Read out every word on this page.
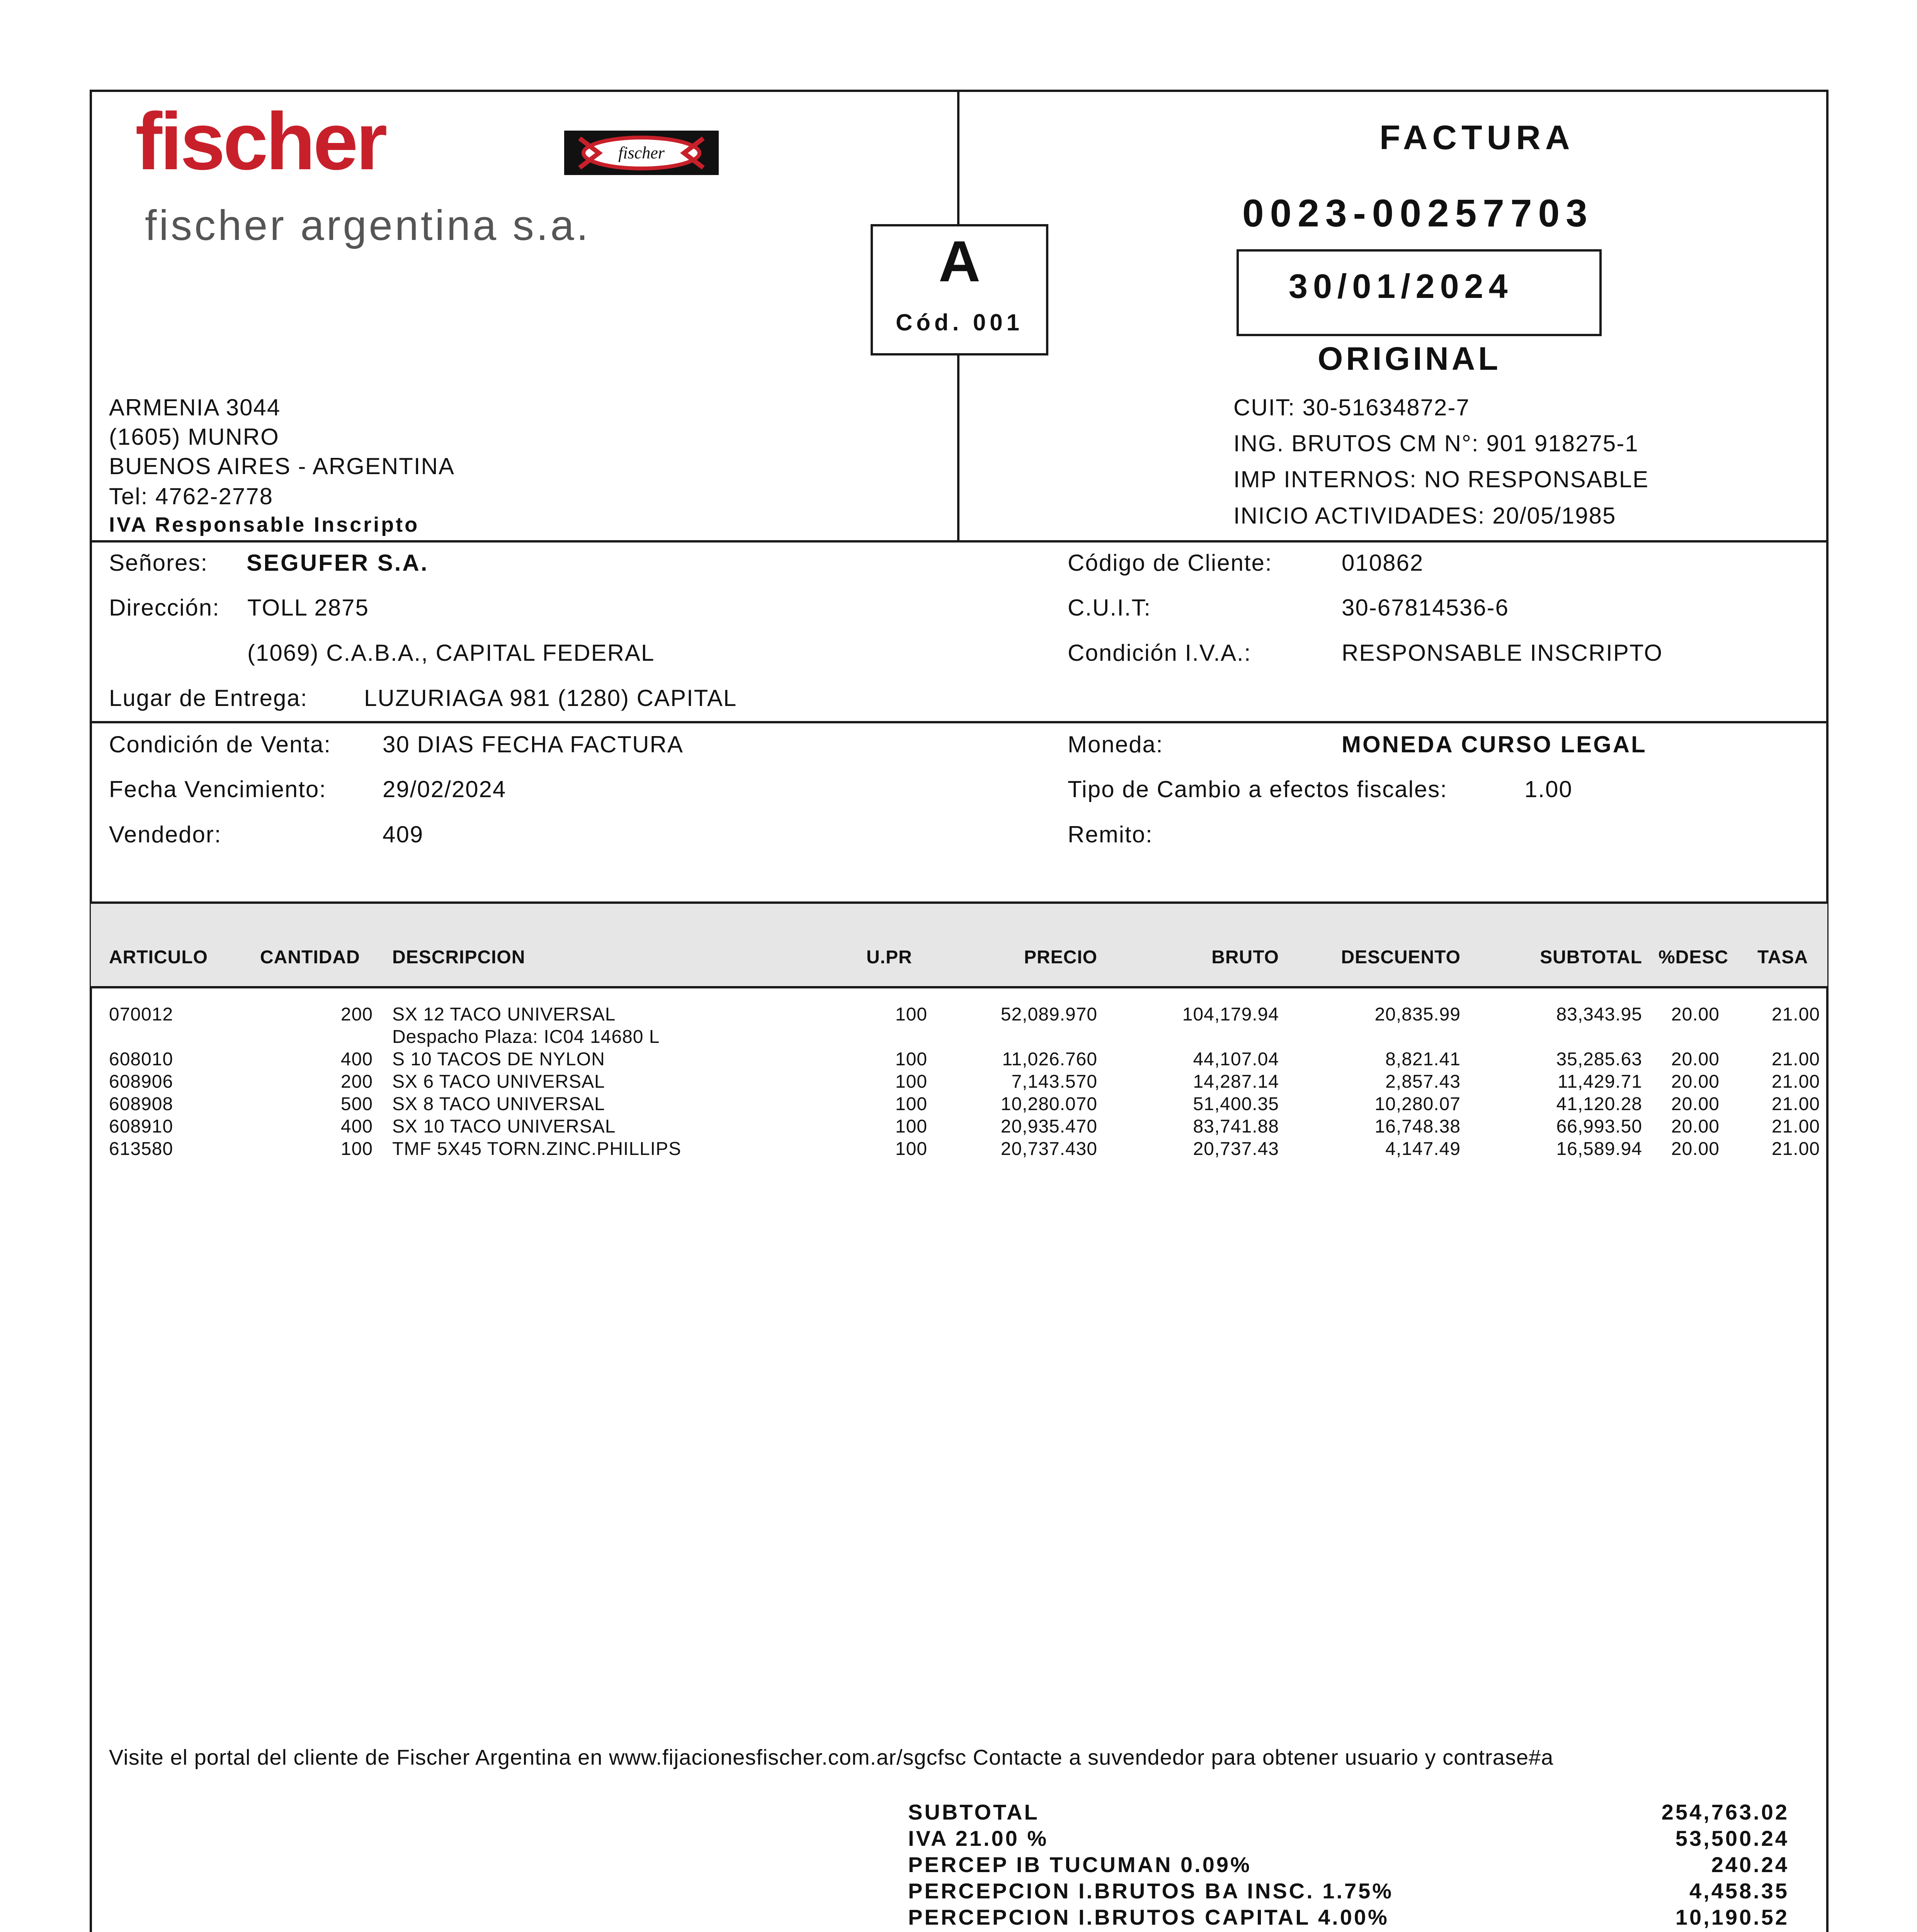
fischer	fischer
fischer argentina s.a.
A
Cód. 001
FACTURA
0023-00257703
30/01/2024
ORIGINAL
ARMENIA 3044
(1605) MUNRO
BUENOS AIRES - ARGENTINA
Tel: 4762-2778
IVA Responsable Inscripto
CUIT: 30-51634872-7
ING. BRUTOS CM N°: 901 918275-1
IMP INTERNOS: NO RESPONSABLE
INICIO ACTIVIDADES: 20/05/1985
Señores: SEGUFER S.A.
Dirección: TOLL 2875
(1069) C.A.B.A., CAPITAL FEDERAL
Lugar de Entrega: LUZURIAGA 981 (1280) CAPITAL
Código de Cliente:	010862
C.U.I.T:	30-67814536-6
Condición I.V.A.:	RESPONSABLE INSCRIPTO
Condición de Venta: 30 DIAS FECHA FACTURA
Fecha Vencimiento: 29/02/2024
Vendedor:	409
Moneda:	MONEDA CURSO LEGAL
Tipo de Cambio a efectos fiscales:	1.00
Remito:
ARTICULO	CANTIDAD DESCRIPCION	U.PR	PRECIO	BRUTO	DESCUENTO	SUBTOTAL %DESC TASA
070012	200 SX 12 TACO UNIVERSAL	100	52,089.970	104,179.94	20,835.99	83,343.95	20.00	21.00
Despacho Plaza: IC04 14680 L
608010	400 S 10 TACOS DE NYLON	100	11,026.760	44,107.04	8,821.41	35,285.63	20.00	21.00
608906	200 SX 6 TACO UNIVERSAL	100	7,143.570	14,287.14	2,857.43	11,429.71	20.00	21.00
608908	500 SX 8 TACO UNIVERSAL	100	10,280.070	51,400.35	10,280.07	41,120.28	20.00	21.00
608910	400 SX 10 TACO UNIVERSAL	100	20,935.470	83,741.88	16,748.38	66,993.50	20.00	21.00
613580	100 TMF 5X45 TORN.ZINC.PHILLIPS	100	20,737.430	20,737.43	4,147.49	16,589.94	20.00	21.00
Visite el portal del cliente de Fischer Argentina en www.fijacionesfischer.com.ar/sgcfsc Contacte a suvendedor para obtener usuario y contrase#a
SUBTOTAL	254,763.02
IVA 21.00 %	53,500.24
PERCEP IB TUCUMAN 0.09%	240.24
PERCEPCION I.BRUTOS BA INSC. 1.75%	4,458.35
PERCEPCION I.BRUTOS CAPITAL 4.00%	10,190.52
